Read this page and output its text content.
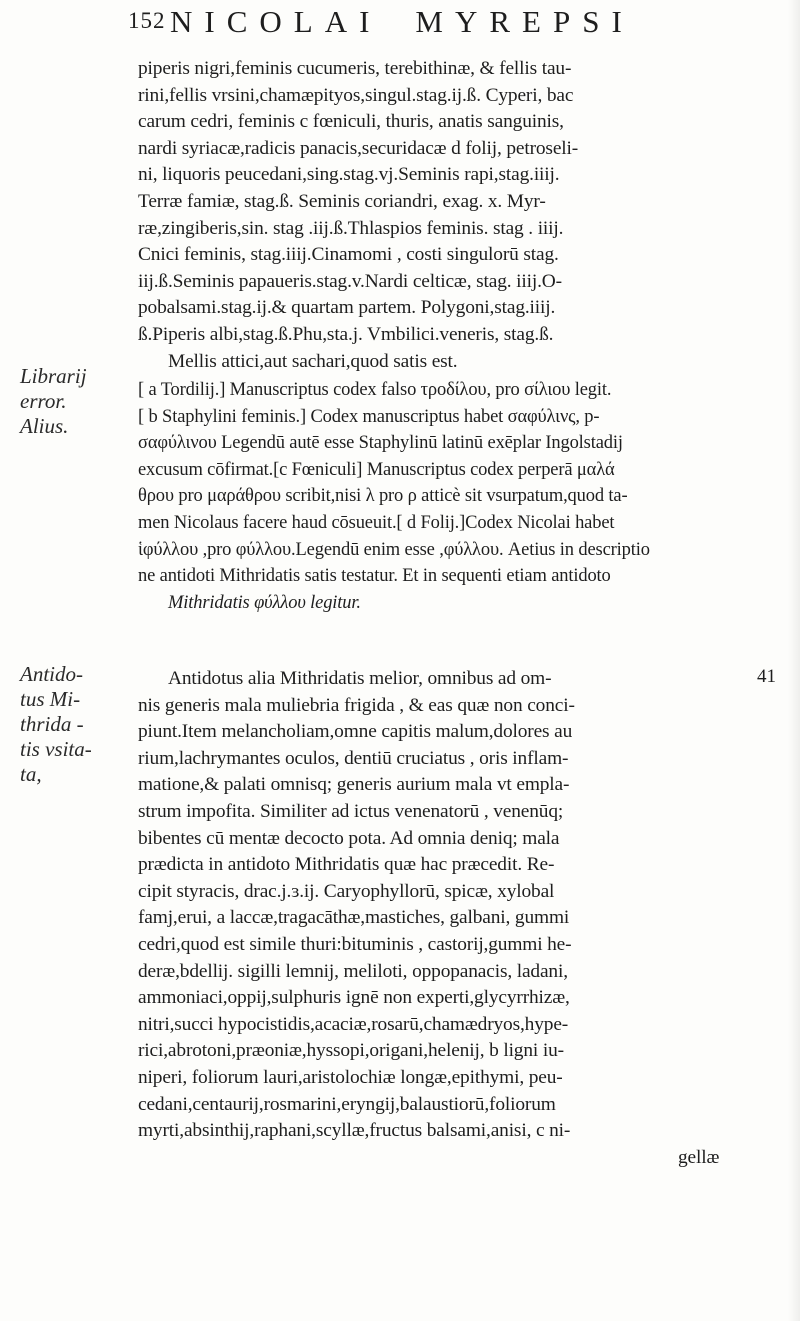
152 NICOLAI MYREPSI
Librarij
error.
Alius.
Antido-
tus Mi-
thrida -
tis vsita-
ta,
41
piperis nigri,feminis cucumeris, terebithinæ, & fellis tau-
rini,fellis vrsini,chamæpityos,singul.stag.ij.ß. Cyperi, bac
carum cedri, feminis c fœniculi, thuris, anatis sanguinis,
nardi syriacæ,radicis panacis,securidacæ d folij, petroseli-
ni, liquoris peucedani,sing.stag.vj.Seminis rapi,stag.iiij.
Terræ famiæ, stag.ß. Seminis coriandri, exag. x. Myr-
ræ,zingiberis,sin. stag .iij.ß.Thlaspios feminis. stag . iiij.
Cnici feminis, stag.iiij.Cinamomi , costi singulorū stag.
iij.ß.Seminis papaueris.stag.v.Nardi celticæ, stag. iiij.O-
pobalsami.stag.ij.& quartam partem. Polygoni,stag.iiij.
ß.Piperis albi,stag.ß.Phu,sta.j. Vmbilici.veneris, stag.ß.
Mellis attici,aut sachari,quod satis est.
[ a Tordilij.] Manuscriptus codex falso τροδίλου, pro σίλιου legit.
[ b Staphylini feminis.] Codex manuscriptus habet σαφύλινς, p-
σαφύλινου Legendū autē esse Staphylinū latinū exēplar Ingolstadij
excusum cōfirmat.[c Fœniculi] Manuscriptus codex perperā μαλά
θρου pro μαράθρου scribit,nisi λ pro ρ atticè sit vsurpatum,quod ta-
men Nicolaus facere haud cōsueuit.[ d Folij.]Codex Nicolai habet
ἱφύλλου ,pro φύλλου.Legendū enim esse ,φύλλου. Aetius in descriptio
ne antidoti Mithridatis satis testatur. Et in sequenti etiam antidoto
Mithridatis φύλλου legitur.
Antidotus alia Mithridatis melior, omnibus ad om-
nis generis mala muliebria frigida , & eas quæ non conci-
piunt.Item melancholiam,omne capitis malum,dolores au
rium,lachrymantes oculos, dentiū cruciatus , oris inflam-
matione,& palati omnisq; generis aurium mala vt empla-
strum impofita. Similiter ad ictus venenatorū , venenūq;
bibentes cū mentæ decocto pota. Ad omnia deniq; mala
prædicta in antidoto Mithridatis quæ hac præcedit. Re-
cipit styracis, drac.j.ɜ.ij. Caryophyllorū, spicæ, xylobal
famj,erui, a laccæ,tragacāthæ,mastiches, galbani, gummi
cedri,quod est simile thuri:bituminis , castorij,gummi he-
deræ,bdellij. sigilli lemnij, meliloti, oppopanacis, ladani,
ammoniaci,oppij,sulphuris ignē non experti,glycyrrhizæ,
nitri,succi hypocistidis,acaciæ,rosarū,chamædryos,hype-
rici,abrotoni,præoniæ,hyssopi,origani,helenij, b ligni iu-
niperi, foliorum lauri,aristolochiæ longæ,epithymi, peu-
cedani,centaurij,rosmarini,eryngij,balaustiorū,foliorum
myrti,absinthij,raphani,scyllæ,fructus balsami,anisi, c ni-
gellæ
